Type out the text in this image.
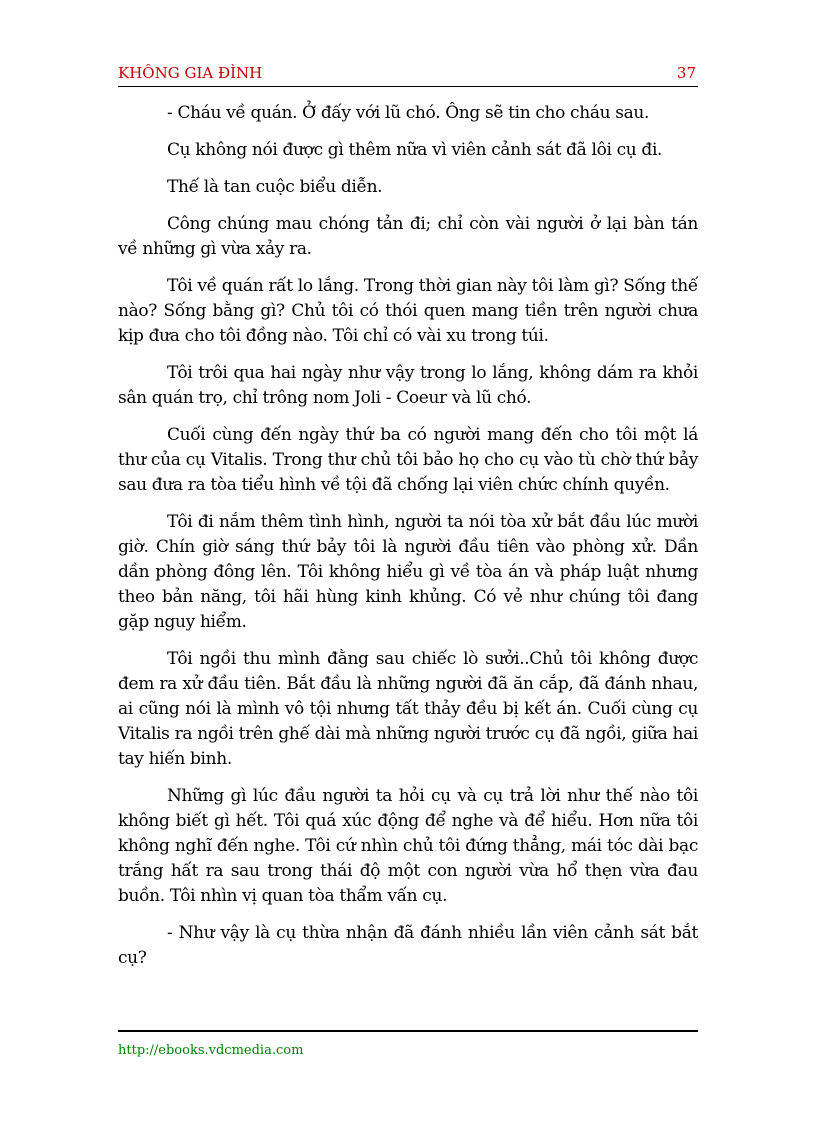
KHÔNG GIA ĐÌNH	37

- Cháu về quán. Ở đấy với lũ chó. Ông sẽ tin cho cháu sau.

Cụ không nói được gì thêm nữa vì viên cảnh sát đã lôi cụ đi.

Thế là tan cuộc biểu diễn.

Công chúng mau chóng tản đi; chỉ còn vài người ở lại bàn tán về những gì vừa xảy ra.

Tôi về quán rất lo lắng. Trong thời gian này tôi làm gì? Sống thế nào? Sống bằng gì? Chủ tôi có thói quen mang tiền trên người chưa kịp đưa cho tôi đồng nào. Tôi chỉ có vài xu trong túi.

Tôi trôi qua hai ngày như vậy trong lo lắng, không dám ra khỏi sân quán trọ, chỉ trông nom Joli - Coeur và lũ chó.

Cuối cùng đến ngày thứ ba có người mang đến cho tôi một lá thư của cụ Vitalis. Trong thư chủ tôi bảo họ cho cụ vào tù chờ thứ bảy sau đưa ra tòa tiểu hình về tội đã chống lại viên chức chính quyền.

Tôi đi nắm thêm tình hình, người ta nói tòa xử bắt đầu lúc mười giờ. Chín giờ sáng thứ bảy tôi là người đầu tiên vào phòng xử. Dần dần phòng đông lên. Tôi không hiểu gì về tòa án và pháp luật nhưng theo bản năng, tôi hãi hùng kinh khủng. Có vẻ như chúng tôi đang gặp nguy hiểm.

Tôi ngồi thu mình đằng sau chiếc lò sưởi..Chủ tôi không được đem ra xử đầu tiên. Bắt đầu là những người đã ăn cắp, đã đánh nhau, ai cũng nói là mình vô tội nhưng tất thảy đều bị kết án. Cuối cùng cụ Vitalis ra ngồi trên ghế dài mà những người trước cụ đã ngồi, giữa hai tay hiến binh.

Những gì lúc đầu người ta hỏi cụ và cụ trả lời như thế nào tôi không biết gì hết. Tôi quá xúc động để nghe và để hiểu. Hơn nữa tôi không nghĩ đến nghe. Tôi cứ nhìn chủ tôi đứng thẳng, mái tóc dài bạc trắng hất ra sau trong thái độ một con người vừa hổ thẹn vừa đau buồn. Tôi nhìn vị quan tòa thẩm vấn cụ.

- Như vậy là cụ thừa nhận đã đánh nhiều lần viên cảnh sát bắt cụ?

http://ebooks.vdcmedia.com
